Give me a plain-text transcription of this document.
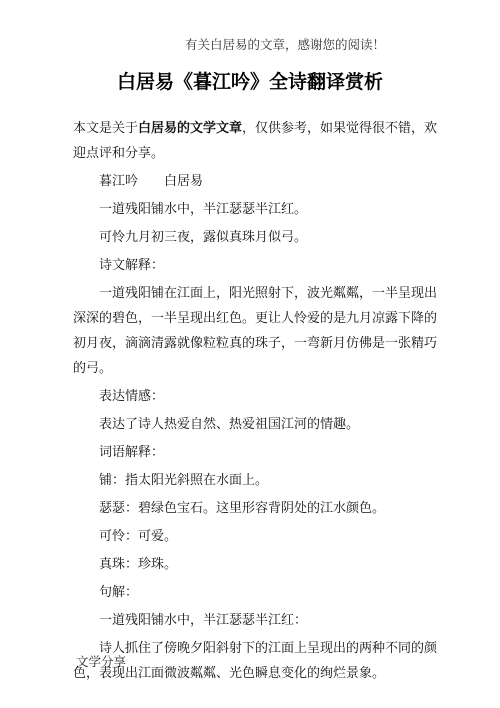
有关白居易的文章，感谢您的阅读！
白居易《暮江吟》全诗翻译赏析

本文是关于白居易的文学文章，仅供参考，如果觉得很不错，欢迎点评和分享。

暮江吟 白居易

一道残阳铺水中，半江瑟瑟半江红。

可怜九月初三夜，露似真珠月似弓。

诗文解释：

一道残阳铺在江面上，阳光照射下，波光粼粼，一半呈现出深深的碧色，一半呈现出红色。更让人怜爱的是九月凉露下降的初月夜，滴滴清露就像粒粒真的珠子，一弯新月仿佛是一张精巧的弓。

表达情感：

表达了诗人热爱自然、热爱祖国江河的情趣。

词语解释：

铺：指太阳光斜照在水面上。

瑟瑟：碧绿色宝石。这里形容背阴处的江水颜色。

可怜：可爱。

真珠：珍珠。

句解：

一道残阳铺水中，半江瑟瑟半江红：

诗人抓住了傍晚夕阳斜射下的江面上呈现出的两种不同的颜色，表现出江面微波粼粼、光色瞬息变化的绚烂景象。

文学分享
